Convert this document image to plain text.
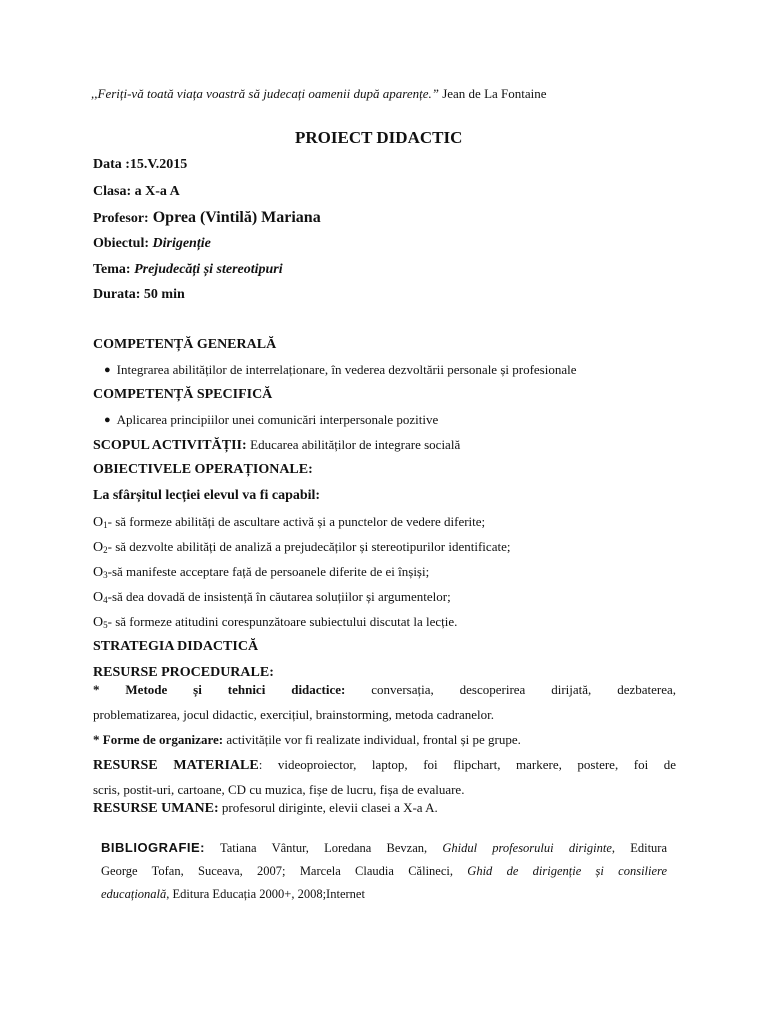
,,Feriți-vă toată viața voastră să judecați oamenii după aparențe.” Jean de La Fontaine
PROIECT DIDACTIC
Data :15.V.2015
Clasa: a X-a A
Profesor: Oprea (Vintilă) Mariana
Obiectul: Dirigenție
Tema: Prejudecăți și stereotipuri
Durata: 50 min
COMPETENȚĂ GENERALĂ
● Integrarea abilităților de interrelaționare, în vederea dezvoltării personale și profesionale
COMPETENȚĂ SPECIFICĂ
● Aplicarea principiilor unei comunicări interpersonale pozitive
SCOPUL ACTIVITĂȚII: Educarea abilităților de integrare socială
OBIECTIVELE OPERAȚIONALE:
La sfârșitul lecției elevul va fi capabil:
$O_1-$ să formeze abilități de ascultare activă și a punctelor de vedere diferite;
$O_2-$ să dezvolte abilități de analiză a prejudecăților și stereotipurilor identificate;
$O_3-să$ manifeste acceptare față de persoanele diferite de ei înșiși;
$O_4-să$ dea dovadă de insistență în căutarea soluțiilor și argumentelor;
$O_5-$ să formeze atitudini corespunzătoare subiectului discutat la lecție.
STRATEGIA DIDACTICĂ
RESURSE PROCEDURALE:
* Metode și tehnici didactice: conversația, descoperirea dirijată, dezbaterea,
problematizarea, jocul didactic, exercițiul, brainstorming, metoda cadranelor.
* Forme de organizare: activitățile vor fi realizate individual, frontal și pe grupe.
RESURSE MATERIALE: videoproiector, laptop, foi flipchart, markere, postere, foi de
scris, postit-uri, cartoane, CD cu muzica, fișe de lucru, fișa de evaluare.
RESURSE UMANE: profesorul diriginte, elevii clasei a X-a A.
BIBLIOGRAFIE: Tatiana Vântur, Loredana Bevzan, Ghidul profesorului diriginte, Editura
George Tofan, Suceava, 2007; Marcela Claudia Călineci, Ghid de dirigenție și consiliere
educațională, Editura Educația 2000+, 2008;Internet
